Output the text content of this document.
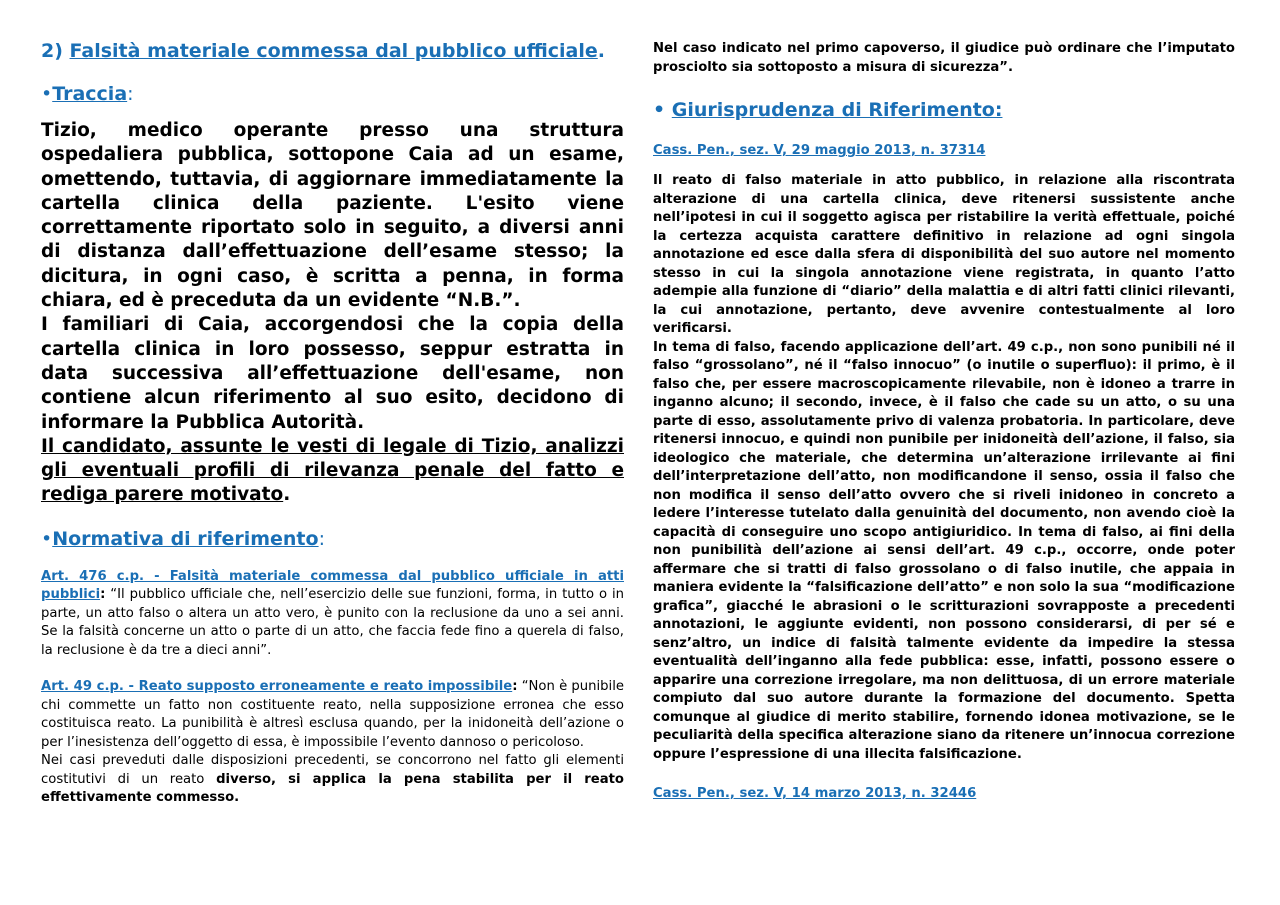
2) Falsità materiale commessa dal pubblico ufficiale.
•Traccia:

Tizio, medico operante presso una struttura ospedaliera pubblica, sottopone Caia ad un esame, omettendo, tuttavia, di aggiornare immediatamente la cartella clinica della paziente. L'esito viene correttamente riportato solo in seguito, a diversi anni di distanza dall’effettuazione dell’esame stesso; la dicitura, in ogni caso, è scritta a penna, in forma chiara, ed è preceduta da un evidente “N.B.”.

I familiari di Caia, accorgendosi che la copia della cartella clinica in loro possesso, seppur estratta in data successiva all’effettuazione dell'esame, non contiene alcun riferimento al suo esito, decidono di informare la Pubblica Autorità.

Il candidato, assunte le vesti di legale di Tizio, analizzi gli eventuali profili di rilevanza penale del fatto e rediga parere motivato.

•Normativa di riferimento:

Art. 476 c.p. - Falsità materiale commessa dal pubblico ufficiale in atti pubblici: “Il pubblico ufficiale che, nell’esercizio delle sue funzioni, forma, in tutto o in parte, un atto falso o altera un atto vero, è punito con la reclusione da uno a sei anni. Se la falsità concerne un atto o parte di un atto, che faccia fede fino a querela di falso, la reclusione è da tre a dieci anni”.

Art. 49 c.p. - Reato supposto erroneamente e reato impossibile: “Non è punibile chi commette un fatto non costituente reato, nella supposizione erronea che esso costituisca reato. La punibilità è altresì esclusa quando, per la inidoneità dell’azione o per l’inesistenza dell’oggetto di essa, è impossibile l’evento dannoso o pericoloso.

Nei casi preveduti dalle disposizioni precedenti, se concorrono nel fatto gli elementi costitutivi di un reato diverso, si applica la pena stabilita per il reato effettivamente commesso.

Nel caso indicato nel primo capoverso, il giudice può ordinare che l’imputato prosciolto sia sottoposto a misura di sicurezza”.

• Giurisprudenza di Riferimento:
Cass. Pen., sez. V, 29 maggio 2013, n. 37314

Il reato di falso materiale in atto pubblico, in relazione alla riscontrata alterazione di una cartella clinica, deve ritenersi sussistente anche nell’ipotesi in cui il soggetto agisca per ristabilire la verità effettuale, poiché la certezza acquista carattere definitivo in relazione ad ogni singola annotazione ed esce dalla sfera di disponibilità del suo autore nel momento stesso in cui la singola annotazione viene registrata, in quanto l’atto adempie alla funzione di “diario” della malattia e di altri fatti clinici rilevanti, la cui annotazione, pertanto, deve avvenire contestualmente al loro verificarsi.

In tema di falso, facendo applicazione dell’art. 49 c.p., non sono punibili né il falso “grossolano”, né il “falso innocuo” (o inutile o superfluo): il primo, è il falso che, per essere macroscopicamente rilevabile, non è idoneo a trarre in inganno alcuno; il secondo, invece, è il falso che cade su un atto, o su una parte di esso, assolutamente privo di valenza probatoria. In particolare, deve ritenersi innocuo, e quindi non punibile per inidoneità dell’azione, il falso, sia ideologico che materiale, che determina un’alterazione irrilevante ai fini dell’interpretazione dell’atto, non modificandone il senso, ossia il falso che non modifica il senso dell’atto ovvero che si riveli inidoneo in concreto a ledere l’interesse tutelato dalla genuinità del documento, non avendo cioè la capacità di conseguire uno scopo antigiuridico. In tema di falso, ai fini della non punibilità dell’azione ai sensi dell’art. 49 c.p., occorre, onde poter affermare che si tratti di falso grossolano o di falso inutile, che appaia in maniera evidente la “falsificazione dell’atto” e non solo la sua “modificazione grafica”, giacché le abrasioni o le scritturazioni sovrapposte a precedenti annotazioni, le aggiunte evidenti, non possono considerarsi, di per sé e senz’altro, un indice di falsità talmente evidente da impedire la stessa eventualità dell’inganno alla fede pubblica: esse, infatti, possono essere o apparire una correzione irregolare, ma non delittuosa, di un errore materiale compiuto dal suo autore durante la formazione del documento. Spetta comunque al giudice di merito stabilire, fornendo idonea motivazione, se le peculiarità della specifica alterazione siano da ritenere un’innocua correzione oppure l’espressione di una illecita falsificazione.

Cass. Pen., sez. V, 14 marzo 2013, n. 32446
